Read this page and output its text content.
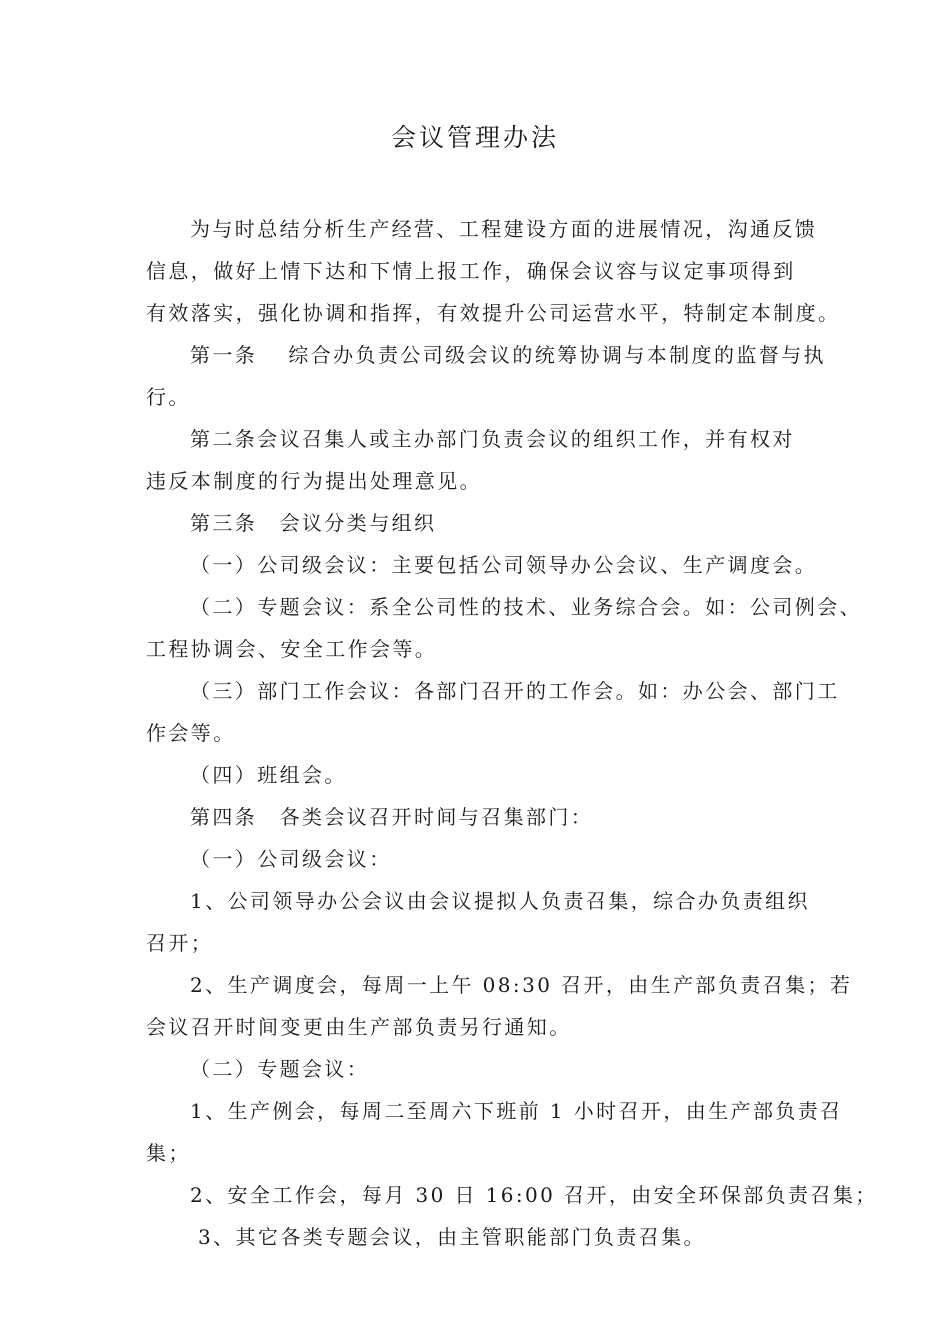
会议管理办法
为与时总结分析生产经营、工程建设方面的进展情况，沟通反馈
信息，做好上情下达和下情上报工作，确保会议容与议定事项得到
有效落实，强化协调和指挥，有效提升公司运营水平，特制定本制度。
第一条　 综合办负责公司级会议的统筹协调与本制度的监督与执
行。
第二条会议召集人或主办部门负责会议的组织工作，并有权对
违反本制度的行为提出处理意见。
第三条　会议分类与组织
（一）公司级会议：主要包括公司领导办公会议、生产调度会。
（二）专题会议：系全公司性的技术、业务综合会。如：公司例会、
工程协调会、安全工作会等。
（三）部门工作会议：各部门召开的工作会。如：办公会、部门工
作会等。
（四）班组会。
第四条　各类会议召开时间与召集部门：
（一）公司级会议：
1、公司领导办公会议由会议提拟人负责召集，综合办负责组织
召开；
2、生产调度会，每周一上午 08:30 召开，由生产部负责召集；若
会议召开时间变更由生产部负责另行通知。
（二）专题会议：
1、生产例会，每周二至周六下班前 1 小时召开，由生产部负责召
集；
2、安全工作会，每月 30 日 16:00 召开，由安全环保部负责召集；
3、其它各类专题会议，由主管职能部门负责召集。
